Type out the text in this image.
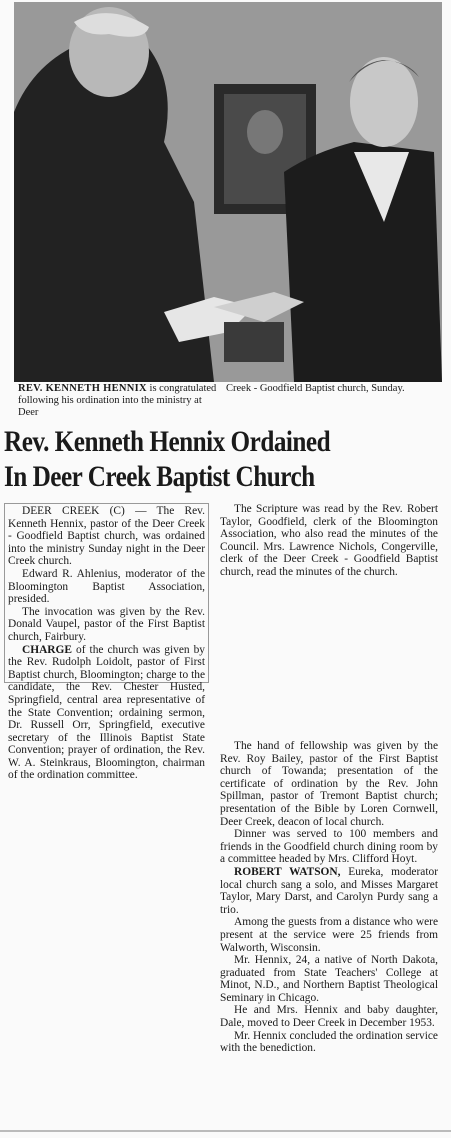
REV. KENNETH HENNIX is congratulated following his ordination into the ministry at Deer
Creek - Goodfield Baptist church, Sunday.
Rev. Kenneth Hennix Ordained
In Deer Creek Baptist Church

DEER CREEK (C) — The Rev. Kenneth Hennix, pastor of the Deer Creek - Goodfield Baptist church, was ordained into the ministry Sunday night in the Deer Creek church.

Edward R. Ahlenius, moderator of the Bloomington Baptist Association, presided.

The invocation was given by the Rev. Donald Vaupel, pastor of the First Baptist church, Fairbury.

CHARGE of the church was given by the Rev. Rudolph Loidolt, pastor of First Baptist church, Bloomington; charge to the candidate, the Rev. Chester Husted, Springfield, central area representative of the State Convention; ordaining sermon, Dr. Russell Orr, Springfield, executive secretary of the Illinois Baptist State Convention; prayer of ordination, the Rev. W. A. Steinkraus, Bloomington, chairman of the ordination committee.

The Scripture was read by the Rev. Robert Taylor, Goodfield, clerk of the Bloomington Association, who also read the minutes of the Council. Mrs. Lawrence Nichols, Congerville, clerk of the Deer Creek - Goodfield Baptist church, read the minutes of the church.

The hand of fellowship was given by the Rev. Roy Bailey, pastor of the First Baptist church of Towanda; presentation of the certificate of ordination by the Rev. John Spillman, pastor of Tremont Baptist church; presentation of the Bible by Loren Cornwell, Deer Creek, deacon of local church.

Dinner was served to 100 members and friends in the Goodfield church dining room by a committee headed by Mrs. Clifford Hoyt.

ROBERT WATSON, Eureka, moderator local church sang a solo, and Misses Margaret Taylor, Mary Darst, and Carolyn Purdy sang a trio.

Among the guests from a distance who were present at the service were 25 friends from Walworth, Wisconsin.

Mr. Hennix, 24, a native of North Dakota, graduated from State Teachers' College at Minot, N.D., and Northern Baptist Theological Seminary in Chicago.

He and Mrs. Hennix and baby daughter, Dale, moved to Deer Creek in December 1953.

Mr. Hennix concluded the ordination service with the benediction.
